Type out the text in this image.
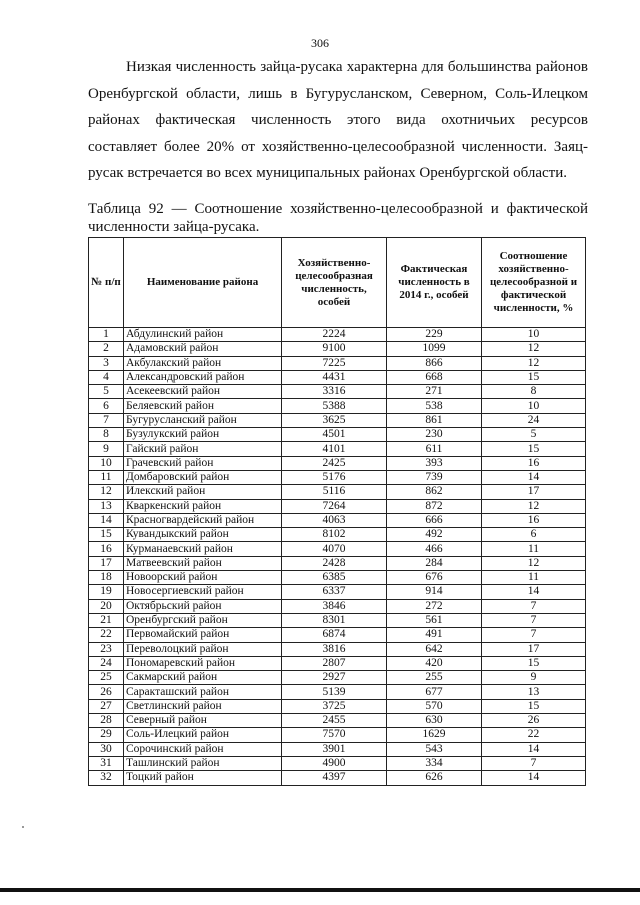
306

Низкая численность зайца-русака характерна для большинства районов Оренбургской области, лишь в Бугурусланском, Северном, Соль-Илецком районах фактическая численность этого вида охотничьих ресурсов составляет более 20% от хозяйственно-целесообразной численности. Заяц-русак встречается во всех муниципальных районах Оренбургской области.

Таблица 92 — Соотношение хозяйственно-целесообразной и фактической численности зайца-русака.

№ п/п	Наименование района	Хозяйственно-целесообразная численность, особей	Фактическая численность в 2014 г., особей	Соотношение хозяйственно-целесообразной и фактической численности, %
1	Абдулинский район	2224	229	10
2	Адамовский район	9100	1099	12
3	Акбулакский район	7225	866	12
4	Александровский район	4431	668	15
5	Асекеевский район	3316	271	8
6	Беляевский район	5388	538	10
7	Бугурусланский район	3625	861	24
8	Бузулукский район	4501	230	5
9	Гайский район	4101	611	15
10	Грачевский район	2425	393	16
11	Домбаровский район	5176	739	14
12	Илекский район	5116	862	17
13	Кваркенский район	7264	872	12
14	Красногвардейский район	4063	666	16
15	Кувандыкский район	8102	492	6
16	Курманаевский район	4070	466	11
17	Матвеевский район	2428	284	12
18	Новоорский район	6385	676	11
19	Новосергиевский район	6337	914	14
20	Октябрьский район	3846	272	7
21	Оренбургский район	8301	561	7
22	Первомайский район	6874	491	7
23	Переволоцкий район	3816	642	17
24	Пономаревский район	2807	420	15
25	Сакмарский район	2927	255	9
26	Саракташский район	5139	677	13
27	Светлинский район	3725	570	15
28	Северный район	2455	630	26
29	Соль-Илецкий район	7570	1629	22
30	Сорочинский район	3901	543	14
31	Ташлинский район	4900	334	7
32	Тоцкий район	4397	626	14
